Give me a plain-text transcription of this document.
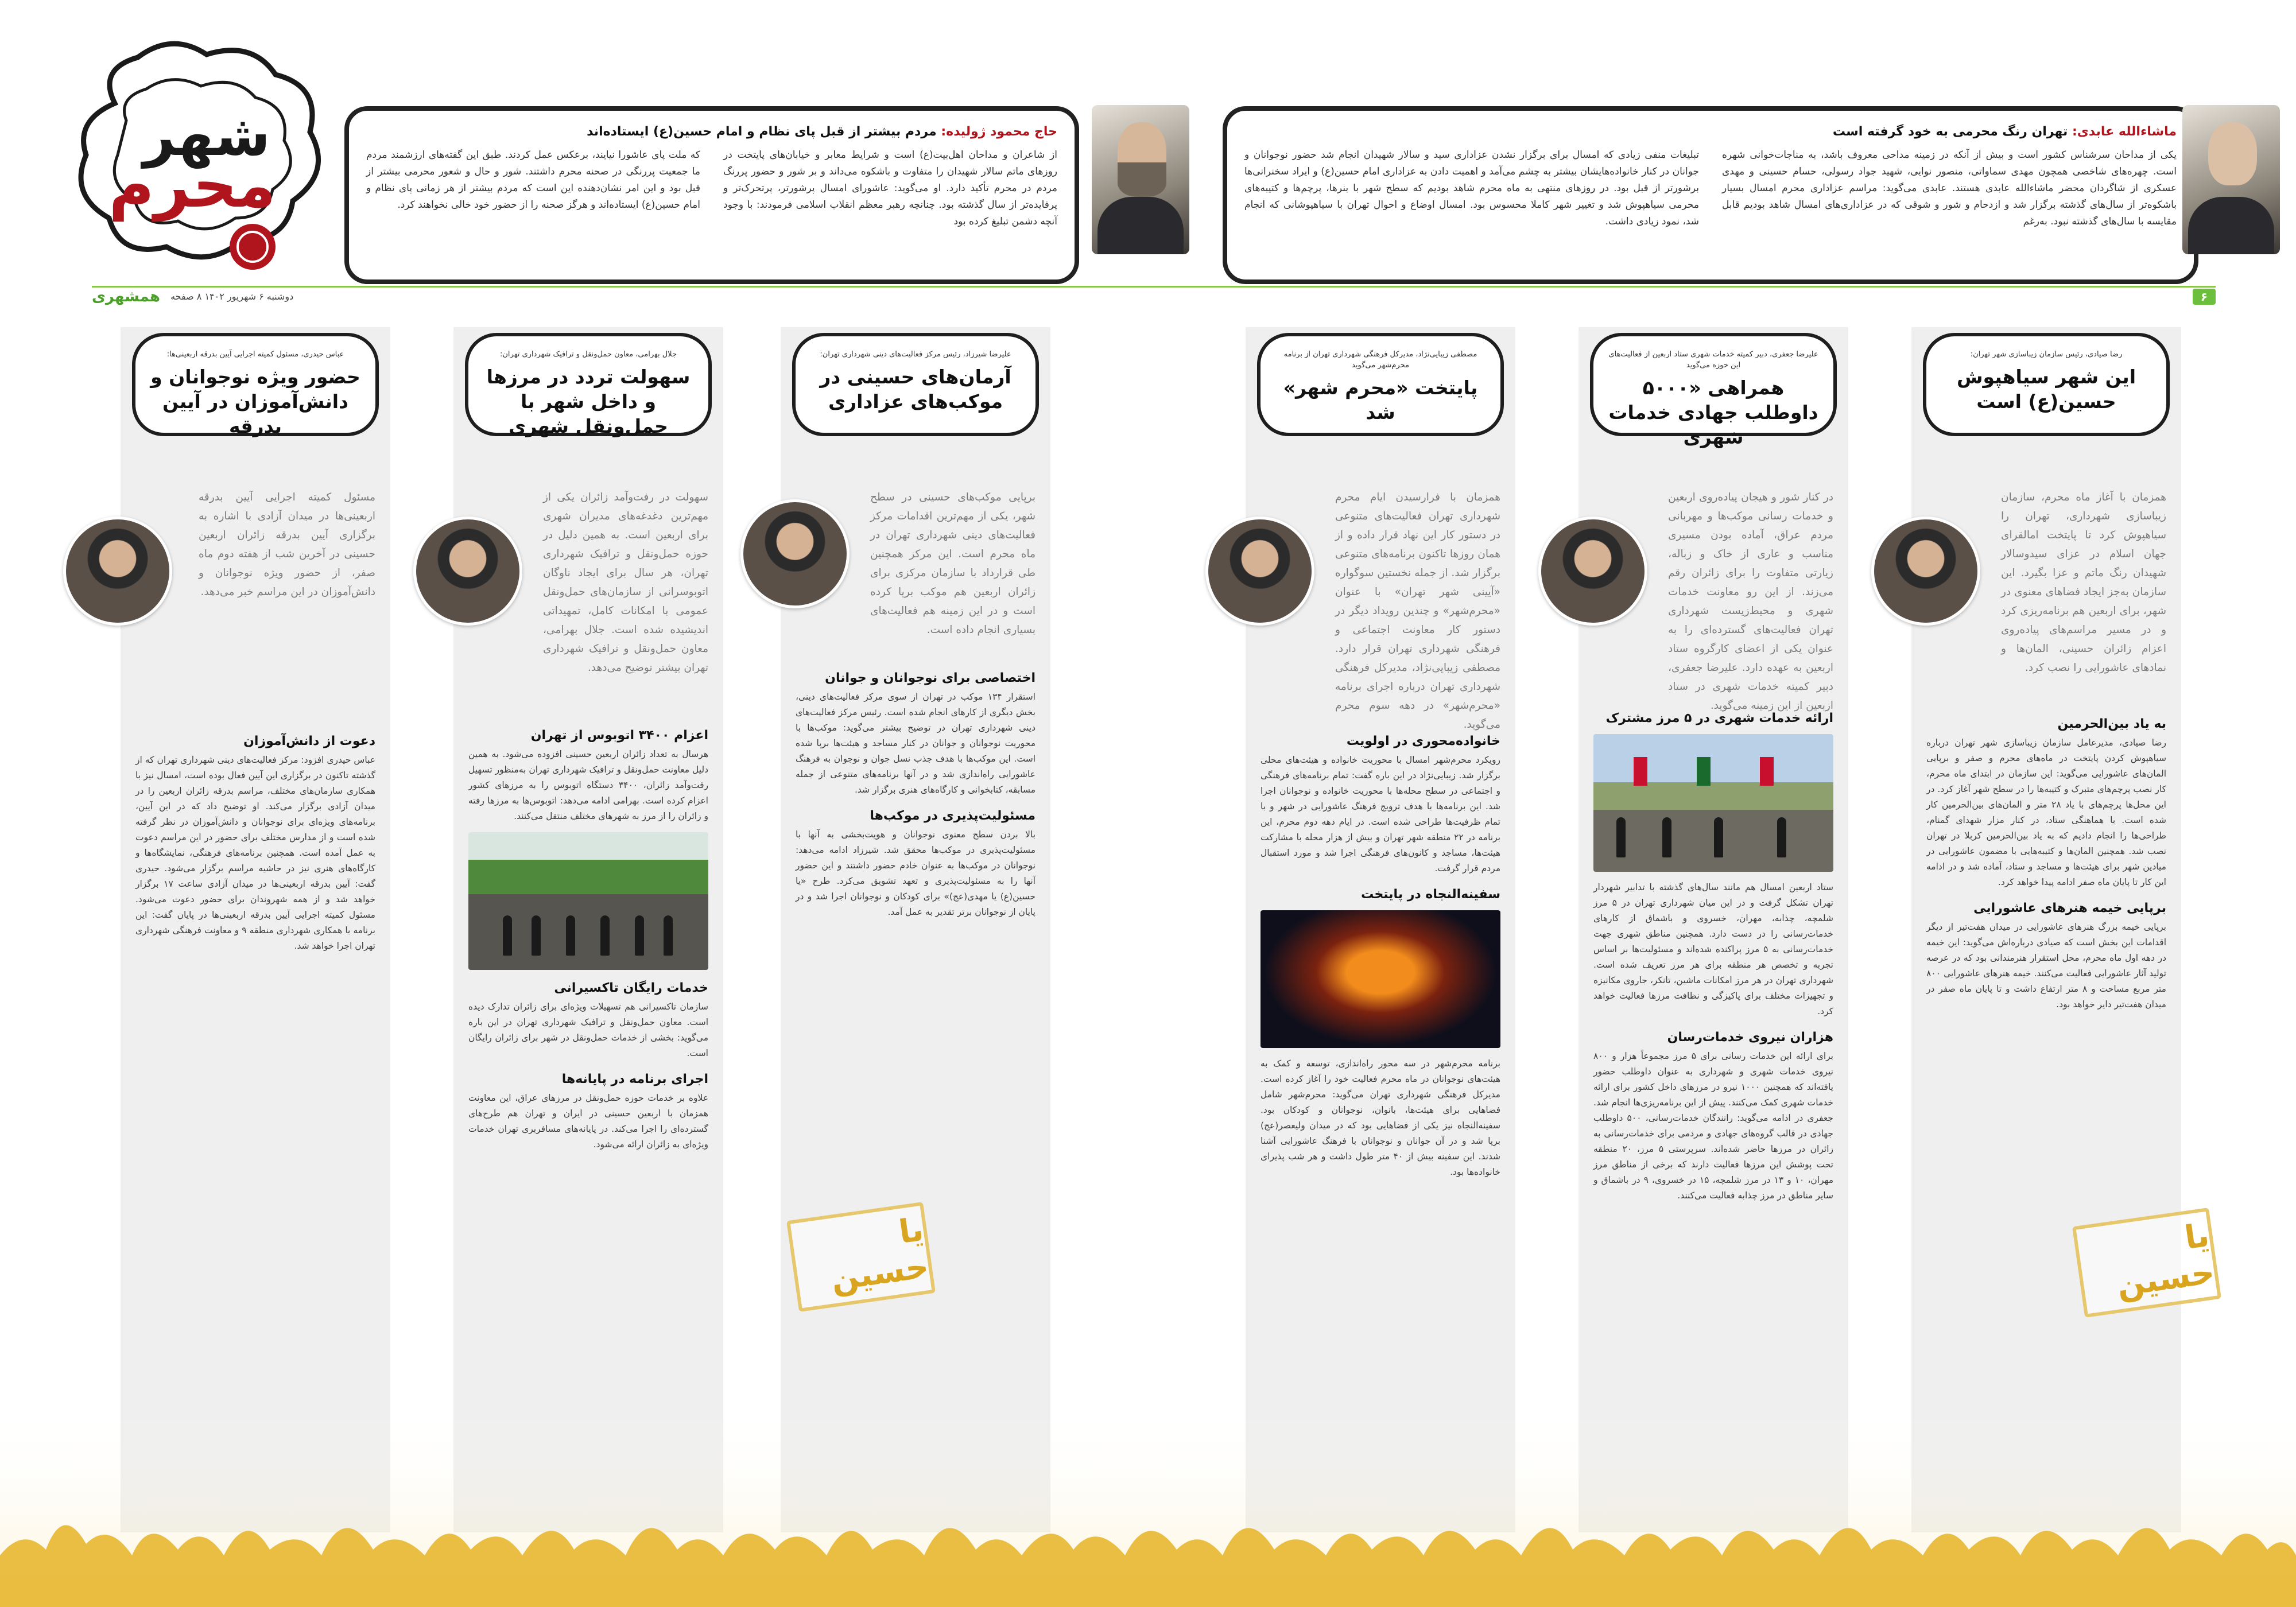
شهر
محرم
حاج محمود ژولیده: مردم بیشتر از قبل پای نظام و امام حسین(ع) ایستاده‌اند

از شاعران و مداحان اهل‌بیت(ع) است و شرایط معابر و خیابان‌های پایتخت در روزهای ماتم سالار شهیدان را متفاوت و باشکوه می‌داند و بر شور و حضور پررنگ مردم در محرم تأکید دارد. او می‌گوید: عاشورای امسال پرشورتر، پرتحرک‌تر و پرفایده‌تر از سال گذشته بود. چنانچه رهبر معظم انقلاب اسلامی فرمودند: با وجود آنچه دشمن تبلیغ کرده بود

که ملت پای عاشورا نیایند، برعکس عمل کردند. طبق این گفته‌های ارزشمند مردم ما جمعیت پررنگی در صحنه محرم داشتند. شور و حال و شعور محرمی بیشتر از قبل بود و این امر نشان‌دهنده این است که مردم بیشتر از هر زمانی پای نظام و امام حسین(ع) ایستاده‌اند و هرگز صحنه را از حضور خود خالی نخواهند کرد.

ماشاءالله عابدی: تهران رنگ محرمی به خود گرفته است

یکی از مداحان سرشناس کشور است و بیش از آنکه در زمینه مداحی معروف باشد، به مناجات‌خوانی شهره است. چهره‌های شاخصی همچون مهدی سماواتی، منصور نوایی، شهید جواد رسولی، حسام حسینی و مهدی عسکری از شاگردان محضر ماشاءالله عابدی هستند. عابدی می‌گوید: مراسم عزاداری محرم امسال بسیار باشکوه‌تر از سال‌های گذشته برگزار شد و ازدحام و شور و شوقی که در عزاداری‌های امسال شاهد بودیم قابل مقایسه با سال‌های گذشته نبود. به‌رغم

تبلیغات منفی زیادی که امسال برای برگزار نشدن عزاداری سید و سالار شهیدان انجام شد حضور نوجوانان و جوانان در کنار خانواده‌هایشان بیشتر به چشم می‌آمد و اهمیت دادن به عزاداری امام حسین(ع) و ایراد سخنرانی‌ها برشورتر از قبل بود. در روزهای منتهی به ماه محرم شاهد بودیم که سطح شهر با بنرها، پرچم‌ها و کتیبه‌های محرمی سیاهپوش شد و تغییر شهر کاملا محسوس بود. امسال اوضاع و احوال تهران با سیاهپوشانی که انجام شد، نمود زیادی داشت.

۶
دوشنبه ۶ شهریور ۱۴۰۲ ۸ صفحه
همشهری
رضا صیادی، رئیس سازمان زیباسازی شهر تهران:
این شهر سیاهپوش حسین(ع) است

همزمان با آغاز ماه محرم، سازمان زیباسازی شهرداری، تهران را سیاهپوش کرد تا پایتخت امالقرای جهان اسلام در عزای سیدوسالار شهیدان رنگ ماتم و عزا بگیرد. این سازمان به‌جز ایجاد فضاهای معنوی در شهر، برای اربعین هم برنامه‌ریزی کرد و در مسیر مراسم‌های پیاده‌روی اعزام زائران حسینی، المان‌ها و نمادهای عاشورایی را نصب کرد.

به یاد بین‌الحرمین

رضا صیادی، مدیرعامل سازمان زیباسازی شهر تهران درباره سیاهپوش کردن پایتخت در ماه‌های محرم و صفر و برپایی المان‌های عاشورایی می‌گوید: این سازمان در ابتدای ماه محرم، کار نصب پرچم‌های متبرک و کتیبه‌ها را در سطح شهر آغاز کرد. در این محل‌ها پرچم‌های با یاد ۲۸ متر و المان‌های بین‌الحرمین کار شده است. با هماهنگی ستاد، در کنار مزار شهدای گمنام، طراحی‌ها را انجام دادیم که به یاد بین‌الحرمین کربلا در تهران نصب شد. همچنین المان‌ها و کتیبه‌هایی با مضمون عاشورایی در میادین شهر برای هیئت‌ها و مساجد و ستاد، آماده شد و در ادامه این کار تا پایان ماه صفر ادامه پیدا خواهد کرد.

برپایی خیمه هنرهای عاشورایی

برپایی خیمه بزرگ هنرهای عاشورایی در میدان هفت‌تیر از دیگر اقدامات این بخش است که صیادی درباره‌اش می‌گوید: این خیمه در دهه اول ماه محرم، محل استقرار هنرمندانی بود که در عرصه تولید آثار عاشورایی فعالیت می‌کنند. خیمه هنرهای عاشورایی ۸۰۰ متر مربع مساحت و ۸ متر ارتفاع داشت و تا پایان ماه صفر در میدان هفت‌تیر دایر خواهد بود.

علیرضا جعفری، دبیر کمیته خدمات شهری ستاد اربعین از فعالیت‌های این حوزه می‌گوید
همراهی «۵۰۰۰ داوطلب جهادی خدمات شهری

در کنار شور و هیجان پیاده‌روی اربعین و خدمات رسانی موکب‌ها و مهربانی مردم عراق، آماده بودن مسیری مناسب و عاری از خاک و زباله، زیارتی متفاوت را برای زائران رقم می‌زند. از این رو معاونت خدمات شهری و محیط‌زیست شهرداری تهران فعالیت‌های گسترده‌ای را به عنوان یکی از اعضای کارگروه ستاد اربعین به عهده دارد. علیرضا جعفری، دبیر کمیته خدمات شهری در ستاد اربعین از این زمینه می‌گوید.

ارائه خدمات شهری در ۵ مرز مشترک

ستاد اربعین امسال هم مانند سال‌های گذشته با تدابیر شهردار تهران تشکل گرفت و در این میان شهرداری تهران در ۵ مرز شلمچه، چذابه، مهران، خسروی و باشماق از کارهای خدمات‌رسانی را در دست دارد. همچنین مناطق شهری جهت خدمات‌رسانی به ۵ مرز پراکنده شده‌اند و مسئولیت‌ها بر اساس تجربه و تخصص هر منطقه برای هر مرز تعریف شده است. شهرداری تهران در هر مرز امکانات ماشین، تانکر، جاروی مکانیزه و تجهیزات مختلف برای پاکیزگی و نظافت مرزها فعالیت خواهد کرد.

هزاران نیروی خدمات‌رسان

برای ارائه این خدمات رسانی برای ۵ مرز مجموعاً هزار و ۸۰۰ نیروی خدمات شهری و شهرداری به عنوان داوطلب حضور یافته‌اند که همچنین ۱۰۰۰ نیرو در مرزهای داخل کشور برای ارائه خدمات شهری کمک می‌کنند. پیش از این برنامه‌ریزی‌ها انجام شد. جعفری در ادامه می‌گوید: رانندگان خدمات‌رسانی، ۵۰۰ داوطلب جهادی در قالب گروه‌های جهادی و مردمی برای خدمات‌رسانی به زائران در مرزها حاضر شده‌اند. سرپرستی ۵ مرز، ۲۰ منطقه تحت پوشش این مرزها فعالیت دارند که برخی از مناطق مرز مهران، ۱۰ و ۱۳ در مرز شلمچه، ۱۵ در خسروی، ۹ در باشماق و سایر مناطق در مرز چذابه فعالیت می‌کنند.

مصطفی زیبایی‌نژاد، مدیرکل فرهنگی شهرداری تهران از برنامه محرم‌شهر می‌گوید
پایتخت «محرم شهر» شد

همزمان با فرارسیدن ایام محرم شهرداری تهران فعالیت‌های متنوعی در دستور کار این نهاد قرار داده و از همان روزها تاکنون برنامه‌های متنوعی برگزار شد. از جمله نخستین سوگواره «آیینی شهر تهران» با عنوان «محرم‌شهر» و چندین رویداد دیگر در دستور کار معاونت اجتماعی و فرهنگی شهرداری تهران قرار دارد. مصطفی زیبایی‌نژاد، مدیرکل فرهنگی شهرداری تهران درباره اجرای برنامه «محرم‌شهر» در دهه سوم محرم می‌گوید.

خانواده‌محوری در اولویت

رویکرد محرم‌شهر امسال با محوریت خانواده و هیئت‌های محلی برگزار شد. زیبایی‌نژاد در این باره گفت: تمام برنامه‌های فرهنگی و اجتماعی در سطح محله‌ها با محوریت خانواده و نوجوانان اجرا شد. این برنامه‌ها با هدف ترویج فرهنگ عاشورایی در شهر و با تمام ظرفیت‌ها طراحی شده است. در ایام دهه دوم محرم، این برنامه در ۲۲ منطقه شهر تهران و بیش از هزار محله با مشارکت هیئت‌ها، مساجد و کانون‌های فرهنگی اجرا شد و مورد استقبال مردم قرار گرفت.

سفینه‌النجاه در پایتخت

برنامه محرم‌شهر در سه محور راه‌اندازی، توسعه و کمک به هیئت‌های نوجوانان در ماه محرم فعالیت خود را آغاز کرده است. مدیرکل فرهنگی شهرداری تهران می‌گوید: محرم‌شهر شامل فضاهایی برای هیئت‌ها، بانوان، نوجوانان و کودکان بود. سفینه‌النجاه نیز یکی از فضاهایی بود که در میدان ولیعصر(عج) برپا شد و در آن جوانان و نوجوانان با فرهنگ عاشورایی آشنا شدند. این سفینه بیش از ۴۰ متر طول داشت و هر شب پذیرای خانواده‌ها بود.

علیرضا شیرزاد، رئیس مرکز فعالیت‌های دینی شهرداری تهران:
آرمان‌های حسینی در موکب‌های عزاداری

برپایی موکب‌های حسینی در سطح شهر، یکی از مهم‌ترین اقدامات مرکز فعالیت‌های دینی شهرداری تهران در ماه محرم است. این مرکز همچنین طی قرارداد با سازمان مرکزی برای زائران اربعین هم موکب برپا کرده است و در این زمینه هم فعالیت‌های بسیاری انجام داده است.

اختصاصی برای نوجوانان و جوانان

استقرار ۱۳۴ موکب در تهران از سوی مرکز فعالیت‌های دینی، بخش دیگری از کارهای انجام شده است. رئیس مرکز فعالیت‌های دینی شهرداری تهران در توضیح بیشتر می‌گوید: موکب‌ها با محوریت نوجوانان و جوانان در کنار مساجد و هیئت‌ها برپا شده است. این موکب‌ها با هدف جذب نسل جوان و نوجوان به فرهنگ عاشورایی راه‌اندازی شد و در آنها برنامه‌های متنوعی از جمله مسابقه، کتابخوانی و کارگاه‌های هنری برگزار شد.

مسئولیت‌پذیری در موکب‌ها

بالا بردن سطح معنوی نوجوانان و هویت‌بخشی به آنها با مسئولیت‌پذیری در موکب‌ها محقق شد. شیرزاد ادامه می‌دهد: نوجوانان در موکب‌ها به عنوان خادم حضور داشتند و این حضور آنها را به مسئولیت‌پذیری و تعهد تشویق می‌کرد. طرح «یا حسین(ع) یا مهدی(عج)» برای کودکان و نوجوانان اجرا شد و در پایان از نوجوانان برتر تقدیر به عمل آمد.

جلال بهرامی، معاون حمل‌ونقل و ترافیک شهرداری تهران:
سهولت تردد در مرزها و داخل شهر با حمل‌ونقل شهری

سهولت در رفت‌وآمد زائران یکی از مهم‌ترین دغدغه‌های مدیران شهری برای اربعین است. به همین دلیل در حوزه حمل‌ونقل و ترافیک شهرداری تهران، هر سال برای ایجاد ناوگان اتوبوسرانی از سازمان‌های حمل‌ونقل عمومی با امکانات کامل، تمهیداتی اندیشیده شده است. جلال بهرامی، معاون حمل‌ونقل و ترافیک شهرداری تهران بیشتر توضیح می‌دهد.

اعزام ۳۴۰۰ اتوبوس از تهران

هرسال به تعداد زائران اربعین حسینی افزوده می‌شود. به همین دلیل معاونت حمل‌ونقل و ترافیک شهرداری تهران به‌منظور تسهیل رفت‌وآمد زائران، ۳۴۰۰ دستگاه اتوبوس را به مرزهای کشور اعزام کرده است. بهرامی ادامه می‌دهد: اتوبوس‌ها به مرزها رفته و زائران را از مرز به شهرهای مختلف منتقل می‌کنند.

خدمات رایگان تاکسیرانی

سازمان تاکسیرانی هم تسهیلات ویژه‌ای برای زائران تدارک دیده است. معاون حمل‌ونقل و ترافیک شهرداری تهران در این باره می‌گوید: بخشی از خدمات حمل‌ونقل در شهر برای زائران رایگان است.

اجرای برنامه در پایانه‌ها

علاوه بر خدمات حوزه حمل‌ونقل در مرزهای عراق، این معاونت همزمان با اربعین حسینی در ایران و تهران هم طرح‌های گسترده‌ای را اجرا می‌کند. در پایانه‌های مسافربری تهران خدمات ویژه‌ای به زائران ارائه می‌شود.

عباس حیدری، مسئول کمیته اجرایی آیین بدرقه اربعینی‌ها:
حضور ویژه نوجوانان و دانش‌آموزان در آیین بدرقه

مسئول کمیته اجرایی آیین بدرقه اربعینی‌ها در میدان آزادی با اشاره به برگزاری آیین بدرقه زائران اربعین حسینی در آخرین شب از هفته دوم ماه صفر، از حضور ویژه نوجوانان و دانش‌آموزان در این مراسم خبر می‌دهد.

دعوت از دانش‌آموزان

عباس حیدری افزود: مرکز فعالیت‌های دینی شهرداری تهران که از گذشته تاکنون در برگزاری این آیین فعال بوده است، امسال نیز با همکاری سازمان‌های مختلف، مراسم بدرقه زائران اربعین را در میدان آزادی برگزار می‌کند. او توضیح داد که در این آیین، برنامه‌های ویژه‌ای برای نوجوانان و دانش‌آموزان در نظر گرفته شده است و از مدارس مختلف برای حضور در این مراسم دعوت به عمل آمده است. همچنین برنامه‌های فرهنگی، نمایشگاه‌ها و کارگاه‌های هنری نیز در حاشیه مراسم برگزار می‌شود. حیدری گفت: آیین بدرقه اربعینی‌ها در میدان آزادی ساعت ۱۷ برگزار خواهد شد و از همه شهروندان برای حضور دعوت می‌شود. مسئول کمیته اجرایی آیین بدرقه اربعینی‌ها در پایان گفت: این برنامه با همکاری شهرداری منطقه ۹ و معاونت فرهنگی شهرداری تهران اجرا خواهد شد.

یا حسین
یا حسین
